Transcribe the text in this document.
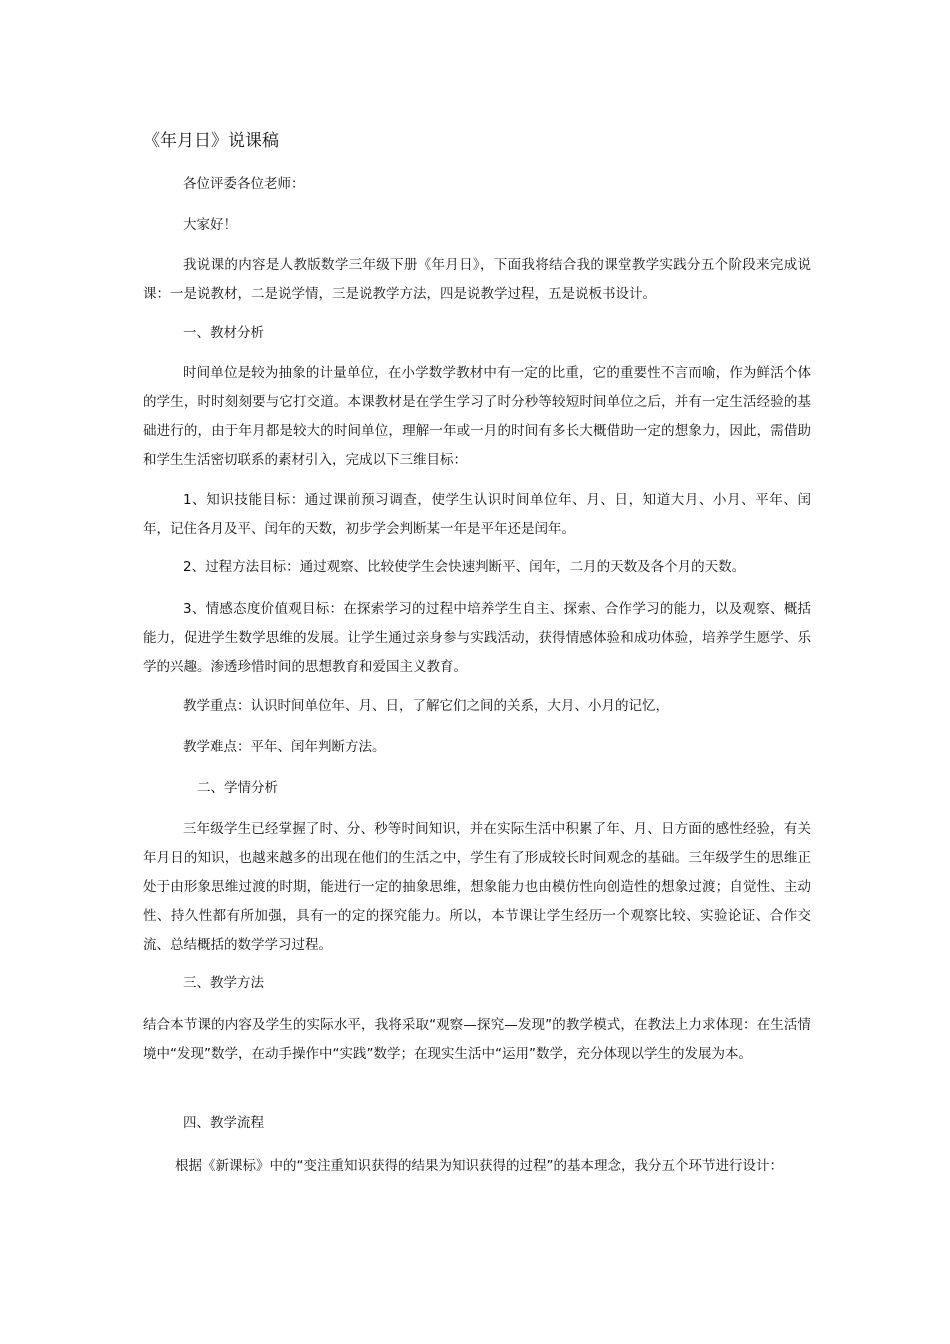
《年月日》说课稿

各位评委各位老师：

大家好！

我说课的内容是人教版数学三年级下册《年月日》，下面我将结合我的课堂教学实践分五个阶段来完成说课：一是说教材，二是说学情，三是说教学方法，四是说教学过程，五是说板书设计。

一、教材分析

时间单位是较为抽象的计量单位，在小学数学教材中有一定的比重，它的重要性不言而喻，作为鲜活个体的学生，时时刻刻要与它打交道。本课教材是在学生学习了时分秒等较短时间单位之后，并有一定生活经验的基础进行的，由于年月都是较大的时间单位，理解一年或一月的时间有多长大概借助一定的想象力，因此，需借助和学生生活密切联系的素材引入，完成以下三维目标：

1、知识技能目标：通过课前预习调查，使学生认识时间单位年、月、日，知道大月、小月、平年、闰年，记住各月及平、闰年的天数，初步学会判断某一年是平年还是闰年。

2、过程方法目标：通过观察、比较使学生会快速判断平、闰年，二月的天数及各个月的天数。

3、情感态度价值观目标：在探索学习的过程中培养学生自主、探索、合作学习的能力，以及观察、概括能力，促进学生数学思维的发展。让学生通过亲身参与实践活动，获得情感体验和成功体验，培养学生愿学、乐学的兴趣。渗透珍惜时间的思想教育和爱国主义教育。

教学重点：认识时间单位年、月、日，了解它们之间的关系，大月、小月的记忆，

教学难点：平年、闰年判断方法。

二、学情分析

三年级学生已经掌握了时、分、秒等时间知识，并在实际生活中积累了年、月、日方面的感性经验，有关年月日的知识，也越来越多的出现在他们的生活之中，学生有了形成较长时间观念的基础。三年级学生的思维正处于由形象思维过渡的时期，能进行一定的抽象思维，想象能力也由模仿性向创造性的想象过渡；自觉性、主动性、持久性都有所加强，具有一的定的探究能力。所以，本节课让学生经历一个观察比较、实验论证、合作交流、总结概括的数学学习过程。

三、教学方法

结合本节课的内容及学生的实际水平，我将采取“观察—探究—发现”的教学模式，在教法上力求体现：在生活情境中“发现”数学，在动手操作中“实践”数学；在现实生活中“运用”数学，充分体现以学生的发展为本。

四、教学流程

根据《新课标》中的“变注重知识获得的结果为知识获得的过程”的基本理念，我分五个环节进行设计：
